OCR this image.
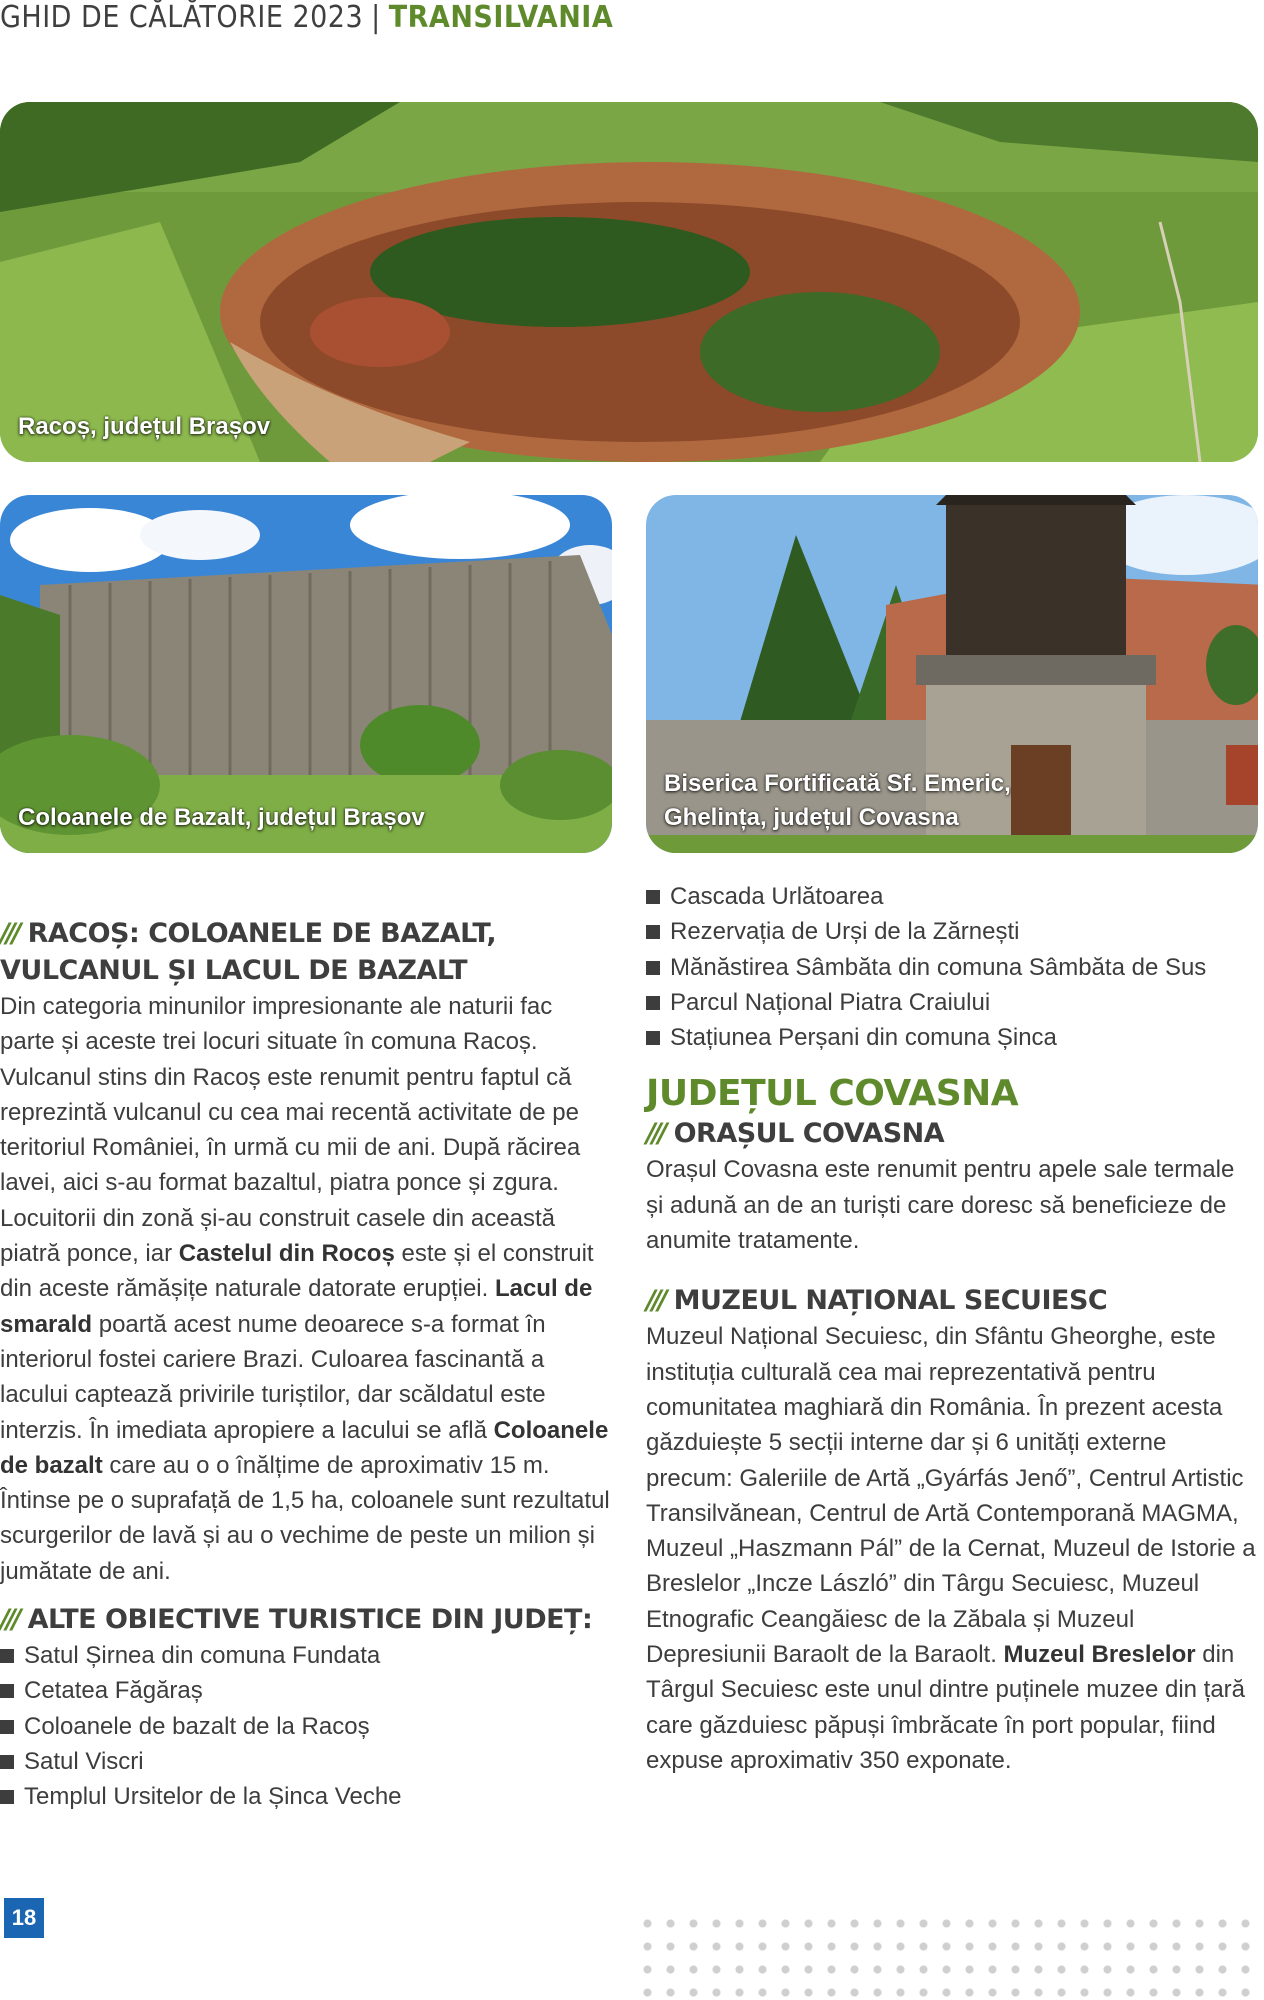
GHID DE CĂLĂTORIE 2023 | TRANSILVANIA
Racoș, județul Brașov
Coloanele de Bazalt, județul Brașov
Biserica Fortificată Sf. Emeric,
Ghelința, județul Covasna
/// RACOȘ: COLOANELE DE BAZALT,
VULCANUL ȘI LACUL DE BAZALT

Din categoria minunilor impresionante ale naturii fac parte și aceste trei locuri situate în comuna Racoș. Vulcanul stins din Racoș este renumit pentru faptul că reprezintă vulcanul cu cea mai recentă activitate de pe teritoriul României, în urmă cu mii de ani. După răcirea lavei, aici s-au format bazaltul, piatra ponce și zgura. Locuitorii din zonă și-au construit casele din această piatră ponce, iar Castelul din Rocoș este și el construit din aceste rămășițe naturale datorate erupției. Lacul de smarald poartă acest nume deoarece s-a format în interiorul fostei cariere Brazi. Culoarea fascinantă a lacului captează privirile turiștilor, dar scăldatul este interzis. În imediata apropiere a lacului se află Coloanele de bazalt care au o o înălțime de aproximativ 15 m. Întinse pe o suprafață de 1,5 ha, coloanele sunt rezultatul scurgerilor de lavă și au o vechime de peste un milion și jumătate de ani.

/// ALTE OBIECTIVE TURISTICE DIN JUDEȚ:
Satul Șirnea din comuna Fundata
Cetatea Făgăraș
Coloanele de bazalt de la Racoș
Satul Viscri
Templul Ursitelor de la Șinca Veche
Cascada Urlătoarea
Rezervația de Urși de la Zărnești
Mănăstirea Sâmbăta din comuna Sâmbăta de Sus
Parcul Național Piatra Craiului
Stațiunea Perșani din comuna Șinca
JUDEȚUL COVASNA
/// ORAȘUL COVASNA

Orașul Covasna este renumit pentru apele sale termale și adună an de an turiști care doresc să beneficieze de anumite tratamente.

/// MUZEUL NAȚIONAL SECUIESC

Muzeul Național Secuiesc, din Sfântu Gheorghe, este instituția culturală cea mai reprezentativă pentru comunitatea maghiară din România. În prezent acesta găzduiește 5 secții interne dar și 6 unități externe precum: Galeriile de Artă „Gyárfás Jenő”, Centrul Artistic Transilvănean, Centrul de Artă Contemporană MAGMA, Muzeul „Haszmann Pál” de la Cernat, Muzeul de Istorie a Breslelor „Incze László” din Târgu Secuiesc, Muzeul Etnografic Ceangăiesc de la Zăbala și Muzeul Depresiunii Baraolt de la Baraolt. Muzeul Breslelor din Târgul Secuiesc este unul dintre puținele muzee din țară care găzduiesc păpuși îmbrăcate în port popular, fiind expuse aproximativ 350 exponate.

18
